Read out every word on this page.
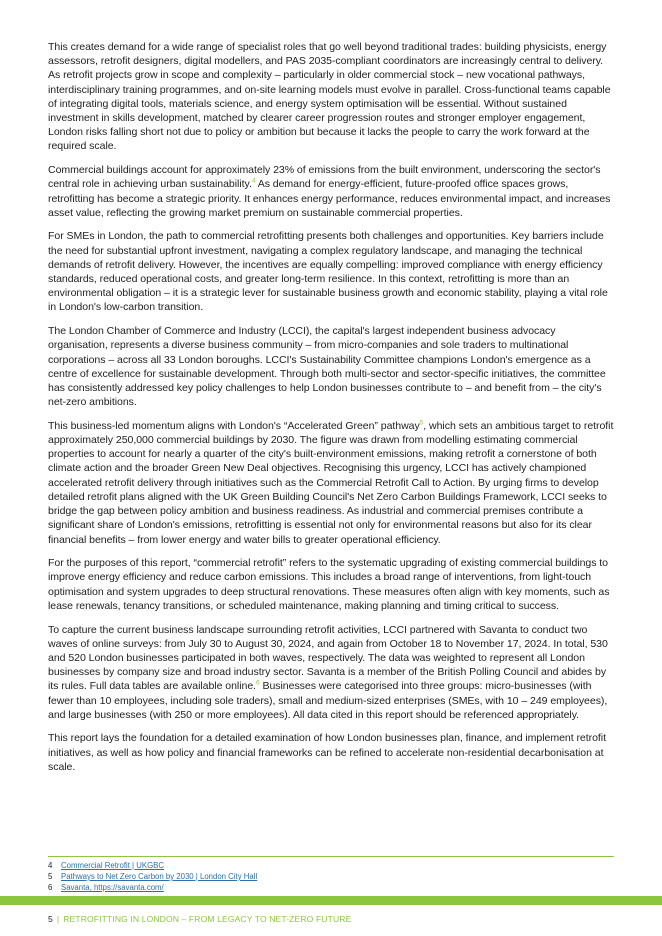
This creates demand for a wide range of specialist roles that go well beyond traditional trades: building physicists, energy assessors, retrofit designers, digital modellers, and PAS 2035-compliant coordinators are increasingly central to delivery. As retrofit projects grow in scope and complexity – particularly in older commercial stock – new vocational pathways, interdisciplinary training programmes, and on-site learning models must evolve in parallel. Cross-functional teams capable of integrating digital tools, materials science, and energy system optimisation will be essential. Without sustained investment in skills development, matched by clearer career progression routes and stronger employer engagement, London risks falling short not due to policy or ambition but because it lacks the people to carry the work forward at the required scale.

Commercial buildings account for approximately 23% of emissions from the built environment, underscoring the sector's central role in achieving urban sustainability.$^4$ As demand for energy-efficient, future-proofed office spaces grows, retrofitting has become a strategic priority. It enhances energy performance, reduces environmental impact, and increases asset value, reflecting the growing market premium on sustainable commercial properties.

For SMEs in London, the path to commercial retrofitting presents both challenges and opportunities. Key barriers include the need for substantial upfront investment, navigating a complex regulatory landscape, and managing the technical demands of retrofit delivery. However, the incentives are equally compelling: improved compliance with energy efficiency standards, reduced operational costs, and greater long-term resilience. In this context, retrofitting is more than an environmental obligation – it is a strategic lever for sustainable business growth and economic stability, playing a vital role in London's low-carbon transition.

The London Chamber of Commerce and Industry (LCCI), the capital's largest independent business advocacy organisation, represents a diverse business community – from micro-companies and sole traders to multinational corporations – across all 33 London boroughs. LCCI's Sustainability Committee champions London's emergence as a centre of excellence for sustainable development. Through both multi-sector and sector-specific initiatives, the committee has consistently addressed key policy challenges to help London businesses contribute to – and benefit from – the city's net-zero ambitions.

This business-led momentum aligns with London's “Accelerated Green” pathway$^5$, which sets an ambitious target to retrofit approximately 250,000 commercial buildings by 2030. The figure was drawn from modelling estimating commercial properties to account for nearly a quarter of the city's built-environment emissions, making retrofit a cornerstone of both climate action and the broader Green New Deal objectives. Recognising this urgency, LCCI has actively championed accelerated retrofit delivery through initiatives such as the Commercial Retrofit Call to Action. By urging firms to develop detailed retrofit plans aligned with the UK Green Building Council's Net Zero Carbon Buildings Framework, LCCI seeks to bridge the gap between policy ambition and business readiness. As industrial and commercial premises contribute a significant share of London's emissions, retrofitting is essential not only for environmental reasons but also for its clear financial benefits – from lower energy and water bills to greater operational efficiency.

For the purposes of this report, “commercial retrofit” refers to the systematic upgrading of existing commercial buildings to improve energy efficiency and reduce carbon emissions. This includes a broad range of interventions, from light-touch optimisation and system upgrades to deep structural renovations. These measures often align with key moments, such as lease renewals, tenancy transitions, or scheduled maintenance, making planning and timing critical to success.

To capture the current business landscape surrounding retrofit activities, LCCI partnered with Savanta to conduct two waves of online surveys: from July 30 to August 30, 2024, and again from October 18 to November 17, 2024. In total, 530 and 520 London businesses participated in both waves, respectively. The data was weighted to represent all London businesses by company size and broad industry sector. Savanta is a member of the British Polling Council and abides by its rules. Full data tables are available online.$^6$ Businesses were categorised into three groups: micro-businesses (with fewer than 10 employees, including sole traders), small and medium-sized enterprises (SMEs, with 10 – 249 employees), and large businesses (with 250 or more employees). All data cited in this report should be referenced appropriately.

This report lays the foundation for a detailed examination of how London businesses plan, finance, and implement retrofit initiatives, as well as how policy and financial frameworks can be refined to accelerate non-residential decarbonisation at scale.

4	Commercial Retrofit | UKGBC
5	Pathways to Net Zero Carbon by 2030 | London City Hall
6	Savanta, https://savanta.com/
5 | RETROFITTING IN LONDON – FROM LEGACY TO NET-ZERO FUTURE
